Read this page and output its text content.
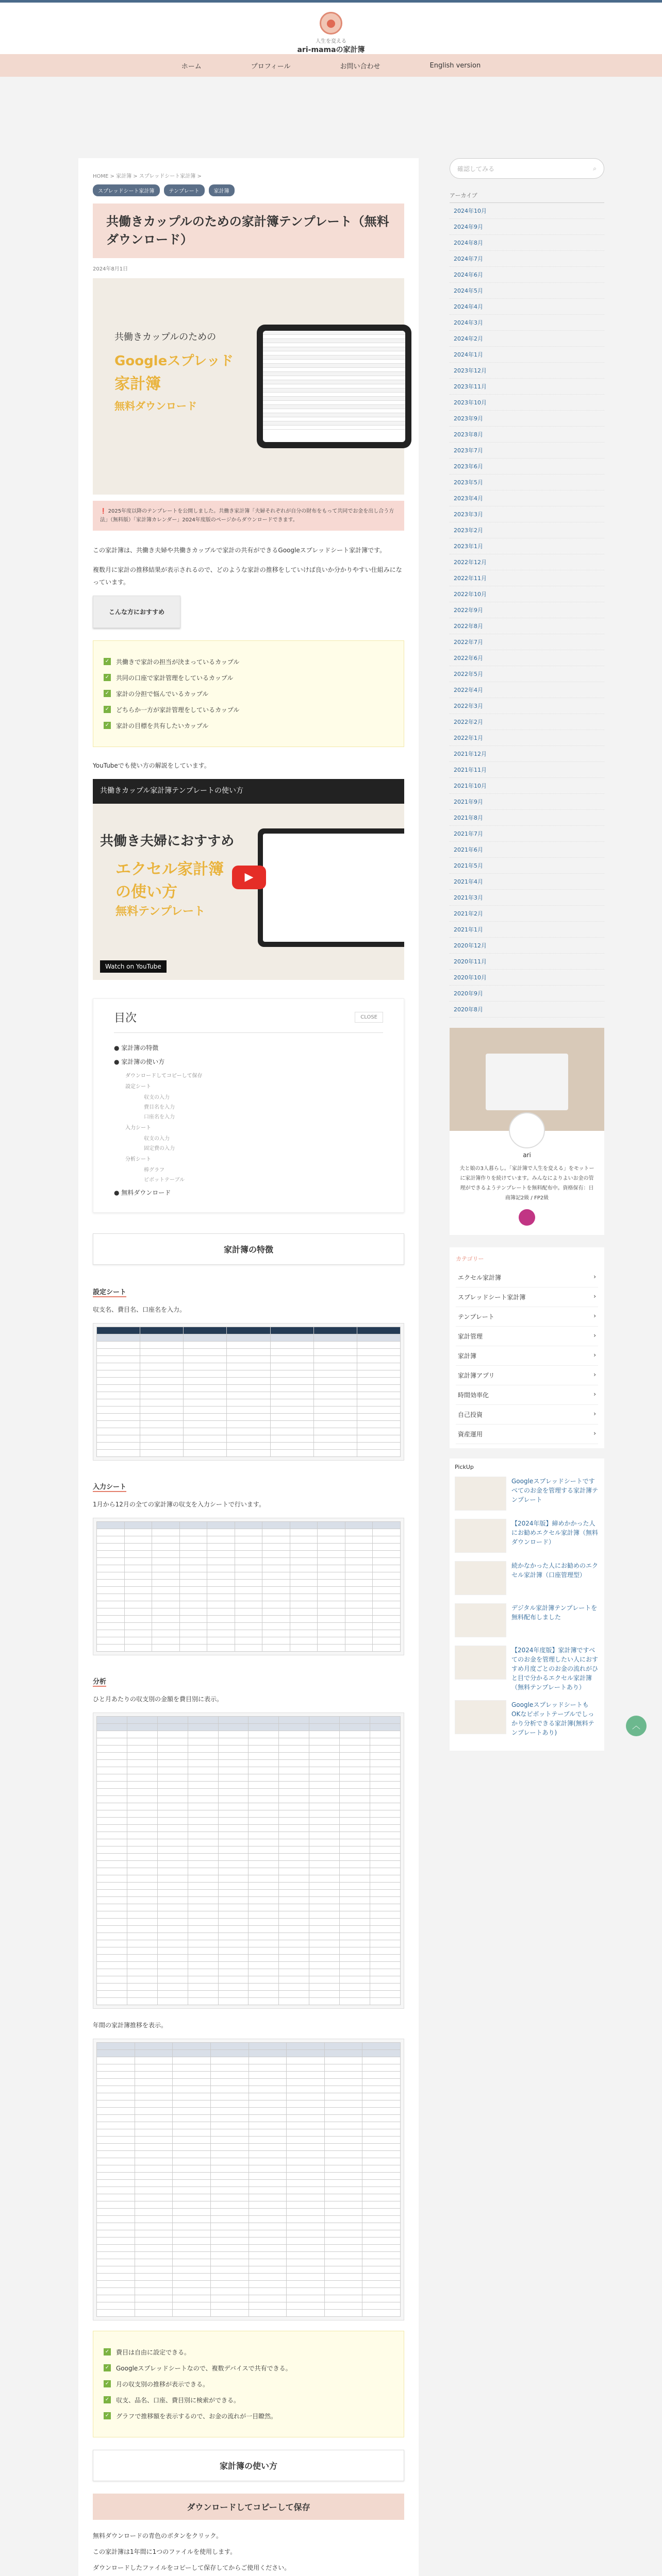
人生を変える
ari-mamaの家計簿
ホーム	プロフィール	お問い合わせ	English version
HOME > 家計簿 > スプレッドシート家計簿 >
スプレッドシート家計簿	テンプレート	家計簿
共働きカップルのための家計簿テンプレート（無料ダウンロード）
2024年8月1日
共働きカップルのための
Googleスプレッド
家計簿
無料ダウンロード
❗ 2025年度以降のテンプレートを公開しました。共働き家計簿「夫婦それぞれが自分の財布をもって共同でお金を出し合う方法」（無料版）「家計簿カレンダー」2024年度版のページからダウンロードできます。

この家計簿は、共働き夫婦や共働きカップルで家計の共有ができるGoogleスプレッドシート家計簿です。

複数月に家計の推移結果が表示されるので、どのような家計の推移をしていけば良いか分かりやすい仕組みになっています。

こんな方におすすめ
✓ 共働きで家計の担当が決まっているカップル
✓ 共同の口座で家計管理をしているカップル
✓ 家計の分担で悩んでいるカップル
✓ どちらか一方が家計管理をしているカップル
✓ 家計の目標を共有したいカップル

YouTubeでも使い方の解説をしています。

共働きカップル家計簿テンプレートの使い方
共働き夫婦におすすめ
エクセル家計簿
の使い方
無料テンプレート
▶
Watch on YouTube
目次	CLOSE
● 家計簿の特徴
● 家計簿の使い方
ダウンロードしてコピーして保存
設定シート
収支の入力
費目名を入力
口座名を入力
入力シート
収支の入力
固定費の入力
分析シート
棒グラフ
ピボットテーブル
● 無料ダウンロード
家計簿の特徴
設定シート

収支名、費目名、口座名を入力。

入力シート

1月から12月の全ての家計簿の収支を入力シートで行います。

分析

ひと月あたりの収支別の金額を費目別に表示。

年間の家計簿推移を表示。

✓ 費目は自由に設定できる。
✓ Googleスプレッドシートなので、複数デバイスで共有できる。
✓ 月の収支別の推移が表示できる。
✓ 収支、品名、口座、費目別に検索ができる。
✓ グラフで推移額を表示するので、お金の流れが一目瞭然。
家計簿の使い方
ダウンロードしてコピーして保存

無料ダウンロードの青色のボタンをクリック。

この家計簿は1年間に1つのファイルを使用します。

ダウンロードしたファイルをコピーして保存してからご使用ください。

確認してみる	⌕
アーカイブ
2024年10月
2024年9月
2024年8月
2024年7月
2024年6月
2024年5月
2024年4月
2024年3月
2024年2月
2024年1月
2023年12月
2023年11月
2023年10月
2023年9月
2023年8月
2023年7月
2023年6月
2023年5月
2023年4月
2023年3月
2023年2月
2023年1月
2022年12月
2022年11月
2022年10月
2022年9月
2022年8月
2022年7月
2022年6月
2022年5月
2022年4月
2022年3月
2022年2月
2022年1月
2021年12月
2021年11月
2021年10月
2021年9月
2021年8月
2021年7月
2021年6月
2021年5月
2021年4月
2021年3月
2021年2月
2021年1月
2020年12月
2020年11月
2020年10月
2020年9月
2020年8月
ari
夫と娘の3人暮らし。「家計簿で人生を変える」をモットーに家計簿作りを続けています。みんなによりよいお金の管理ができるようテンプレートを無料配布中。資格保有：日商簿記2級 / FP2級
カテゴリー
エクセル家計簿	›
スプレッドシート家計簿	›
テンプレート	›
家計管理	›
家計簿	›
家計簿アプリ	›
時間効率化	›
自己投資	›
資産運用	›
PickUp
Googleスプレッドシートですべてのお金を管理する家計簿テンプレート
【2024年版】締めかかった人にお勧めエクセル家計簿（無料ダウンロード）
続かなかった人にお勧めのエクセル家計簿（口座管理型）
デジタル家計簿テンプレートを無料配布しました
【2024年度版】家計簿ですべてのお金を管理したい人におすすめ月度ごとのお金の流れがひと目で分かるエクセル家計簿（無料テンプレートあり）
Googleスプレッドシートも OKなピボットテーブルでしっかり分析できる家計簿(無料テンプレートあり)
︿
